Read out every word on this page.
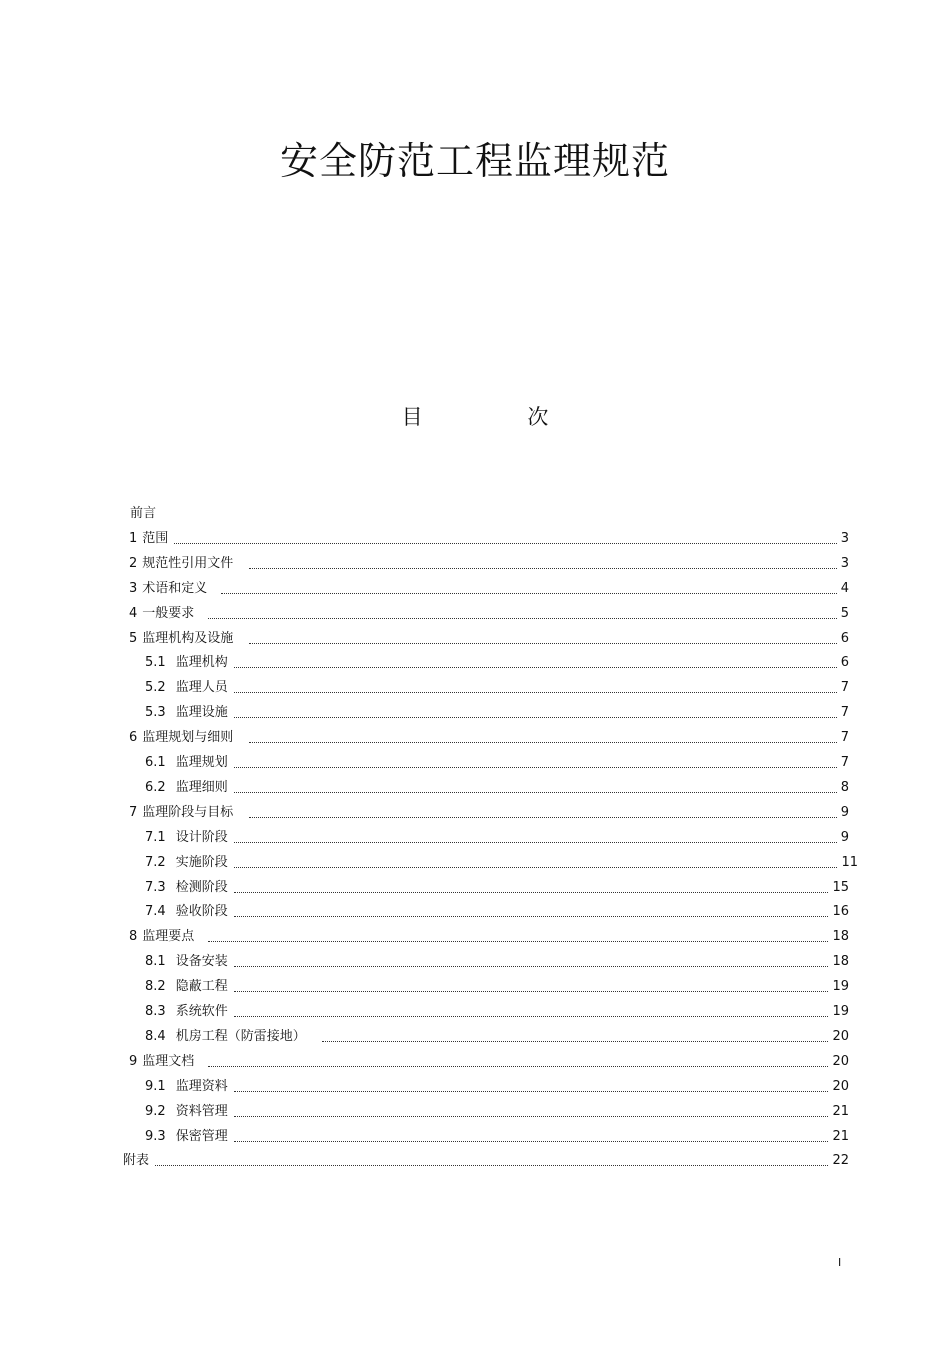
安全防范工程监理规范
目	次
前言
1 范围	3
2 规范性引用文件	3
3 术语和定义	4
4 一般要求	5
5 监理机构及设施	6
5.1 监理机构	6
5.2 监理人员	7
5.3 监理设施	7
6 监理规划与细则	7
6.1 监理规划	7
6.2 监理细则	8
7 监理阶段与目标	9
7.1 设计阶段	9
7.2 实施阶段	11
7.3 检测阶段	15
7.4 验收阶段	16
8 监理要点	18
8.1 设备安装	18
8.2 隐蔽工程	19
8.3 系统软件	19
8.4 机房工程（防雷接地）	20
9 监理文档	20
9.1 监理资料	20
9.2 资料管理	21
9.3 保密管理	21
附表	22
I
